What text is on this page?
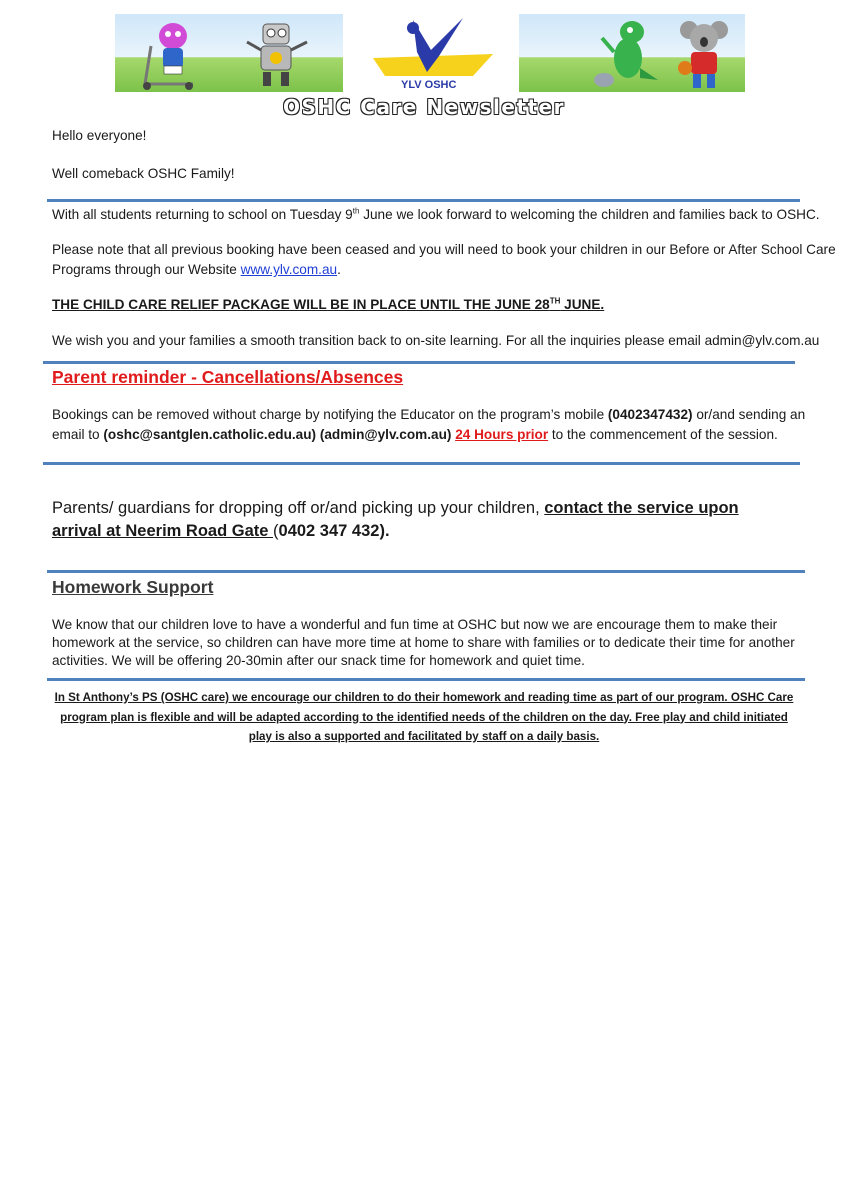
YLV OSHC
OSHC Care Newsletter

Hello everyone!

Well comeback OSHC Family!

With all students returning to school on Tuesday 9th June we look forward to welcoming the children and families back to OSHC.

Please note that all previous booking have been ceased and you will need to book your children in our Before or After School Care
Programs through our Website www.ylv.com.au.

THE CHILD CARE RELIEF PACKAGE WILL BE IN PLACE UNTIL THE JUNE 28TH JUNE.

We wish you and your families a smooth transition back to on-site learning. For all the inquiries please email admin@ylv.com.au

Parent reminder - Cancellations/Absences

Bookings can be removed without charge by notifying the Educator on the program’s mobile (0402347432) or/and sending an
email to (oshc@santglen.catholic.edu.au) (admin@ylv.com.au) 24 Hours prior to the commencement of the session.

Parents/ guardians for dropping off or/and picking up your children, contact the service upon
arrival at Neerim Road Gate (0402 347 432).

Homework Support

We know that our children love to have a wonderful and fun time at OSHC but now we are encourage them to make their
homework at the service, so children can have more time at home to share with families or to dedicate their time for another
activities. We will be offering 20-30min after our snack time for homework and quiet time.

In St Anthony’s PS (OSHC care) we encourage our children to do their homework and reading time as part of our program. OSHC Care
program plan is flexible and will be adapted according to the identified needs of the children on the day. Free play and child initiated
play is also a supported and facilitated by staff on a daily basis.
